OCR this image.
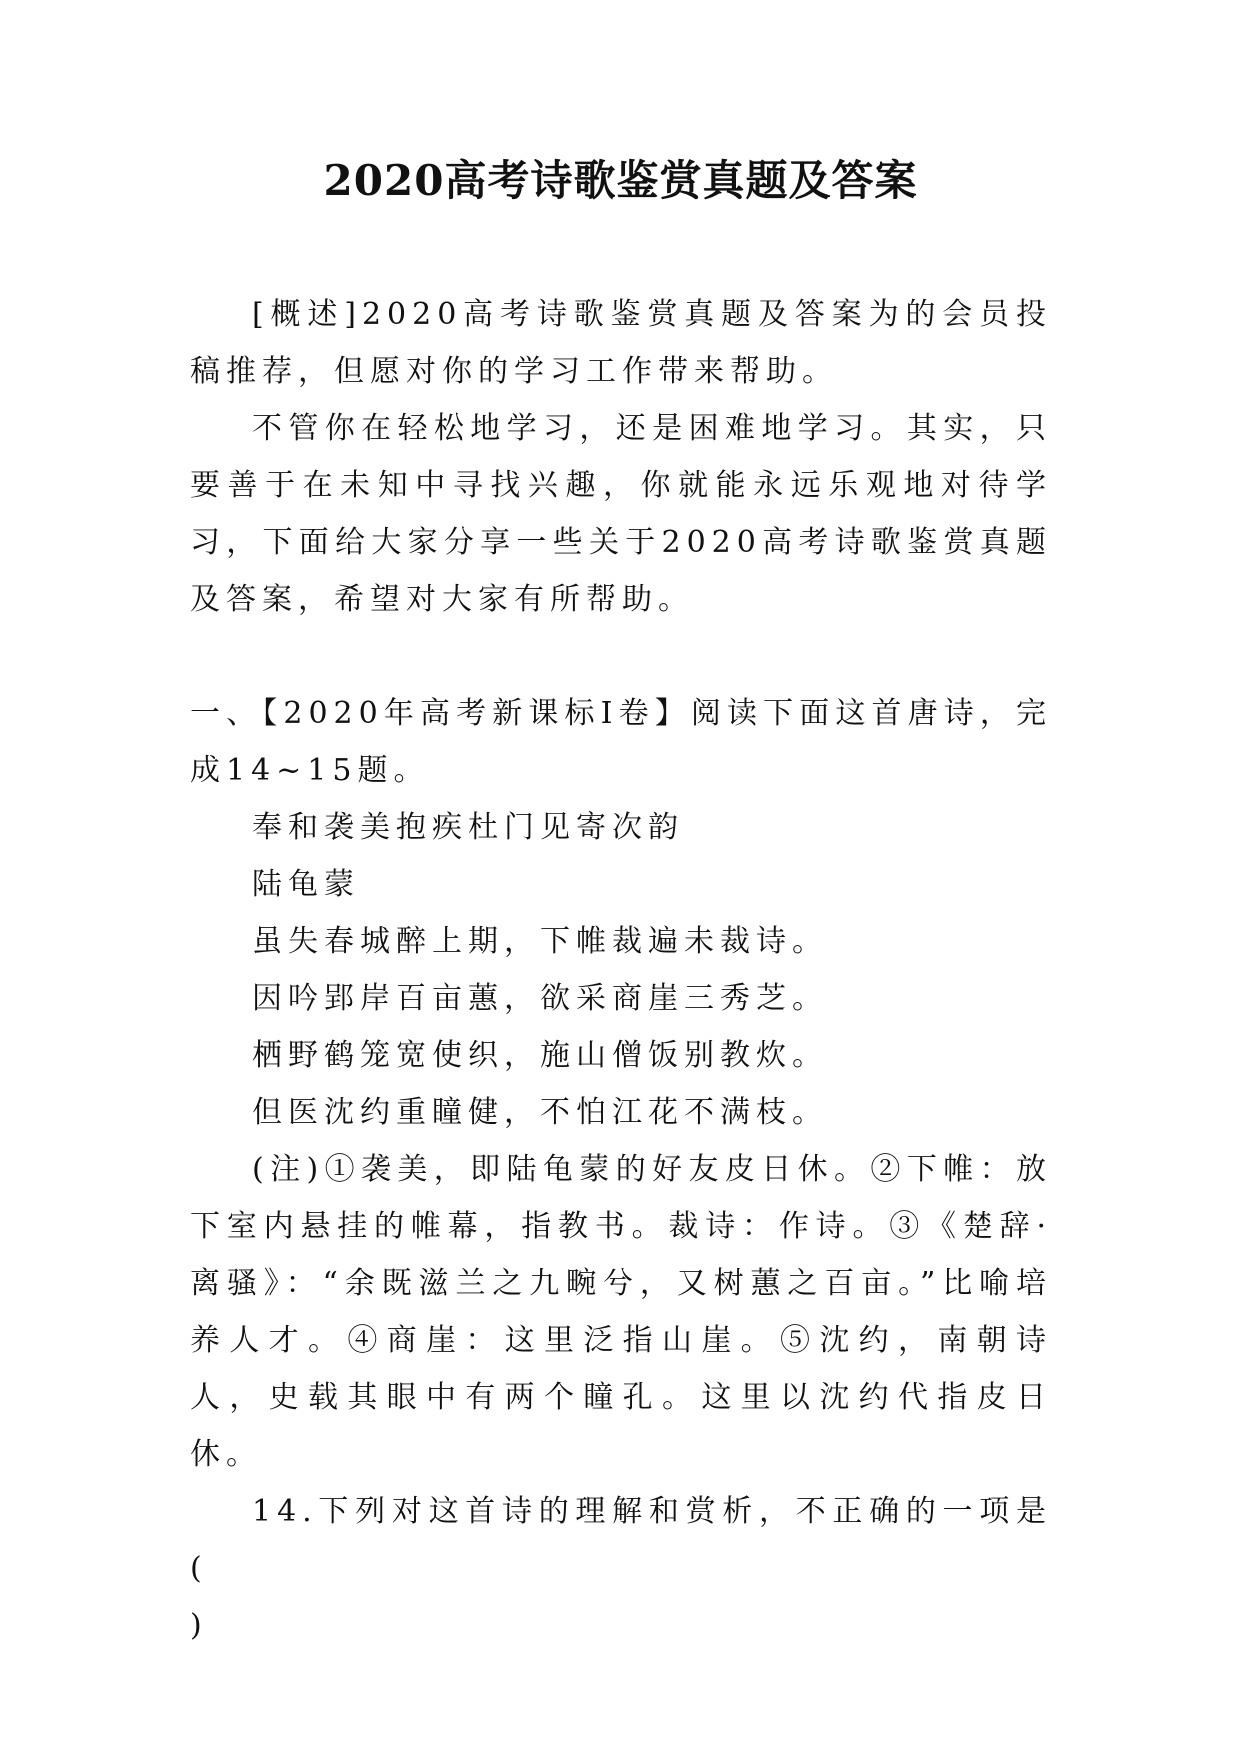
2020高考诗歌鉴赏真题及答案

[概述]2020高考诗歌鉴赏真题及答案为的会员投稿推荐，但愿对你的学习工作带来帮助。

不管你在轻松地学习，还是困难地学习。其实，只要善于在未知中寻找兴趣，你就能永远乐观地对待学习，下面给大家分享一些关于2020高考诗歌鉴赏真题及答案，希望对大家有所帮助。

一、【2020年高考新课标Ⅰ卷】阅读下面这首唐诗，完成14~15题。

奉和袭美抱疾杜门见寄次韵

陆龟蒙

虽失春城醉上期，下帷裁遍未裁诗。

因吟郢岸百亩蕙，欲采商崖三秀芝。

栖野鹤笼宽使织，施山僧饭别教炊。

但医沈约重瞳健，不怕江花不满枝。

(注)①袭美，即陆龟蒙的好友皮日休。②下帷：放下室内悬挂的帷幕，指教书。裁诗：作诗。③《楚辞·离骚》：“余既滋兰之九畹兮，又树蕙之百亩。”比喻培养人才。④商崖：这里泛指山崖。⑤沈约，南朝诗人，史载其眼中有两个瞳孔。这里以沈约代指皮日休。

14.下列对这首诗的理解和赏析，不正确的一项是(

)
